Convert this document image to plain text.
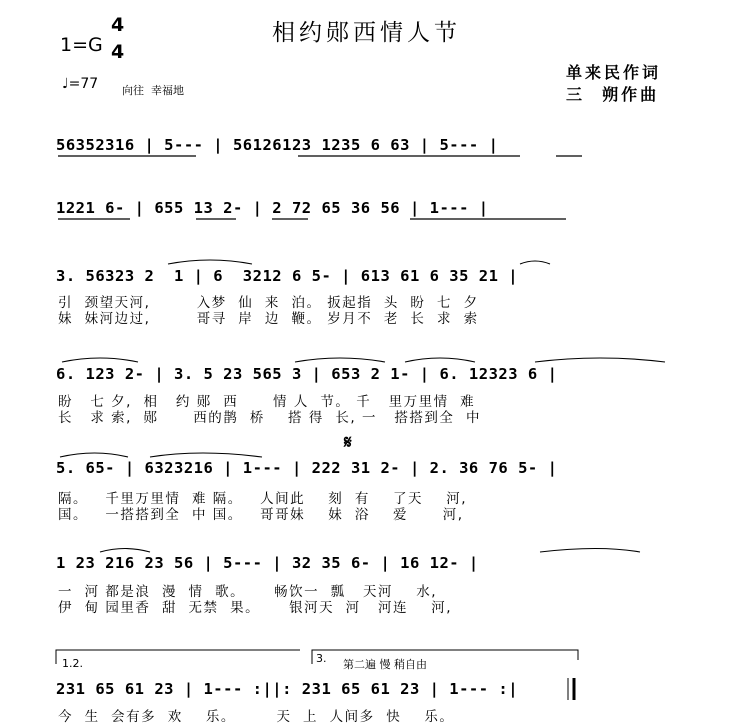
相约郧西情人节
1=G
4
4
♩=77 向往  幸福地
单来民作词
三  朔作曲
56352316 | 5--- | 56126123 1235 6 63 | 5--- |
1221 6- | 655 13 2- | 2 72 65 36 56 | 1--- |
3. 56323 2  1 | 6  3212 6 5- | 613 61 6 35 21 |
引  颈望天河,        入梦  仙  来  泊。 扳起指  头  盼  七  夕
妹  妹河边过,        哥寻  岸  边  鞭。 岁月不  老  长  求  索
6. 123 2- | 3. 5 23 565 3 | 653 2 1- | 6. 12323 6 |
盼   七 夕,  相   约 郧  西      情 人  节。 千   里万里情  难
长   求 索,  郧      西的鹊  桥    搭 得  长, 一   搭搭到全  中
𝄋
5. 65- | 6323216 | 1--- | 222 31 2- | 2. 36 76 5- |
隔。   千里万里情  难 隔。   人间此    刻  有    了天    河,
国。   一搭搭到全  中 国。   哥哥妹    妹  浴    爱      河,
1 23 216 23 56 | 5--- | 32 35 6- | 16 12- |
一  河 都是浪  漫  情  歌。     畅饮一  瓢   天河    水,
伊  甸 园里香  甜  无禁  果。     银河天  河   河连    河,
1.2.	3. 第二遍 慢 稍自由
231 65 61 23 | 1--- :||: 231 65 61 23 | 1--- :|
今  生  会有多  欢    乐。       天  上  人间多  快    乐。
